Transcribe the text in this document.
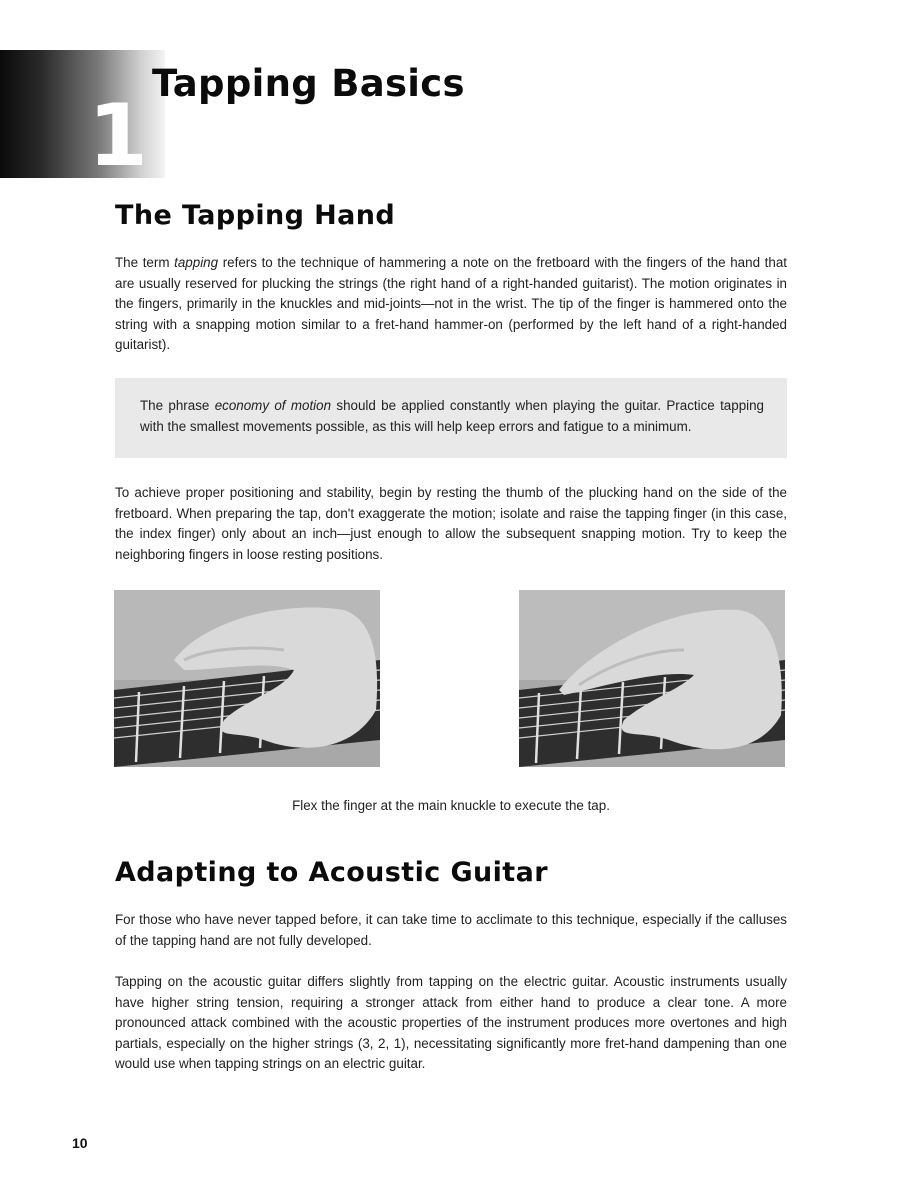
1
Tapping Basics
The Tapping Hand

The term tapping refers to the technique of hammering a note on the fretboard with the fingers of the hand that are usually reserved for plucking the strings (the right hand of a right-handed guitarist). The motion originates in the fingers, primarily in the knuckles and mid-joints—not in the wrist. The tip of the finger is hammered onto the string with a snapping motion similar to a fret-hand hammer-on (performed by the left hand of a right-handed guitarist).

The phrase economy of motion should be applied constantly when playing the guitar. Practice tapping with the smallest movements possible, as this will help keep errors and fatigue to a minimum.

To achieve proper positioning and stability, begin by resting the thumb of the plucking hand on the side of the fretboard. When preparing the tap, don't exaggerate the motion; isolate and raise the tapping finger (in this case, the index finger) only about an inch—just enough to allow the subsequent snapping motion. Try to keep the neighboring fingers in loose resting positions.

Flex the finger at the main knuckle to execute the tap.

Adapting to Acoustic Guitar

For those who have never tapped before, it can take time to acclimate to this technique, especially if the calluses of the tapping hand are not fully developed.

Tapping on the acoustic guitar differs slightly from tapping on the electric guitar. Acoustic instruments usually have higher string tension, requiring a stronger attack from either hand to produce a clear tone. A more pronounced attack combined with the acoustic properties of the instrument produces more overtones and high partials, especially on the higher strings (3, 2, 1), necessitating significantly more fret-hand dampening than one would use when tapping strings on an electric guitar.

10
